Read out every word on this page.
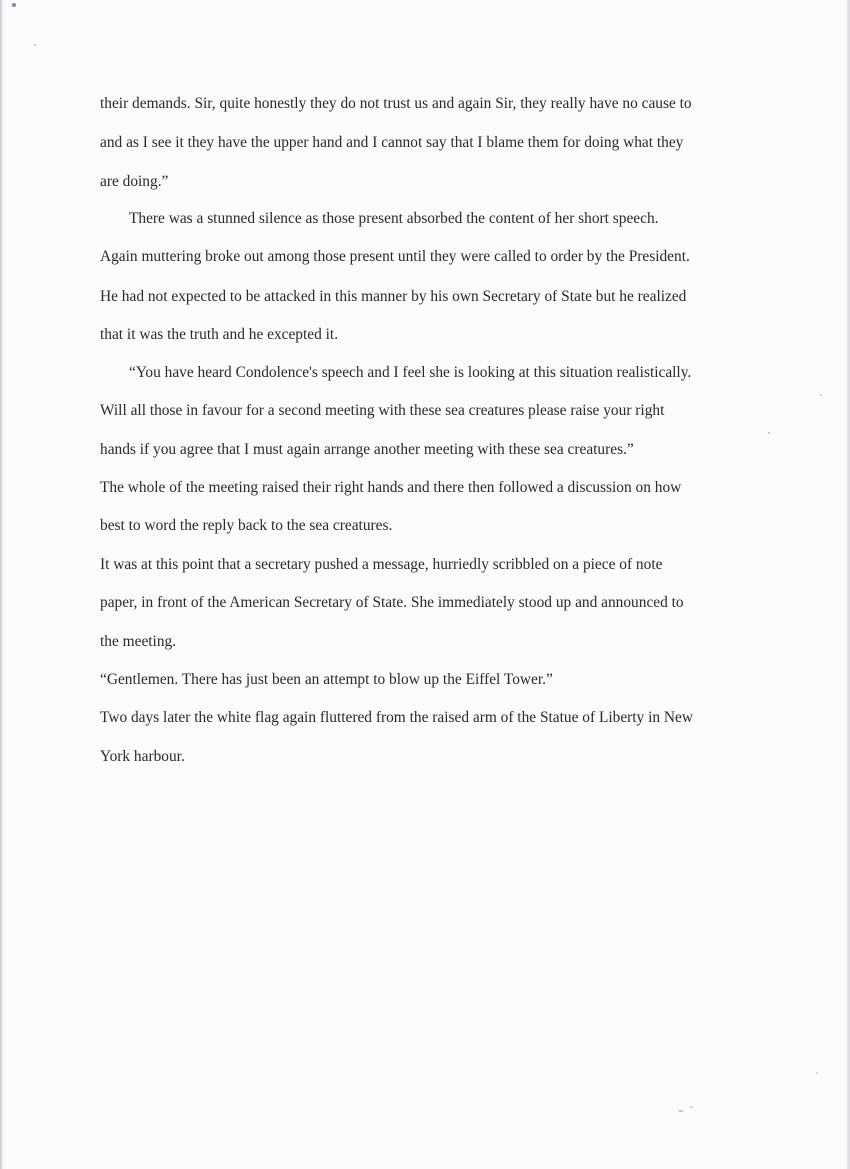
their demands. Sir, quite honestly they do not trust us and again Sir, they really have no cause to
and as I see it they have the upper hand and I cannot say that I blame them for doing what they
are doing.”
There was a stunned silence as those present absorbed the content of her short speech.
Again muttering broke out among those present until they were called to order by the President.
He had not expected to be attacked in this manner by his own Secretary of State but he realized
that it was the truth and he excepted it.
“You have heard Condolence's speech and I feel she is looking at this situation realistically.
Will all those in favour for a second meeting with these sea creatures please raise your right
hands if you agree that I must again arrange another meeting with these sea creatures.”
The whole of the meeting raised their right hands and there then followed a discussion on how
best to word the reply back to the sea creatures.
It was at this point that a secretary pushed a message, hurriedly scribbled on a piece of note
paper, in front of the American Secretary of State. She immediately stood up and announced to
the meeting.
“Gentlemen. There has just been an attempt to blow up the Eiffel Tower.”
Two days later the white flag again fluttered from the raised arm of the Statue of Liberty in New
York harbour.
